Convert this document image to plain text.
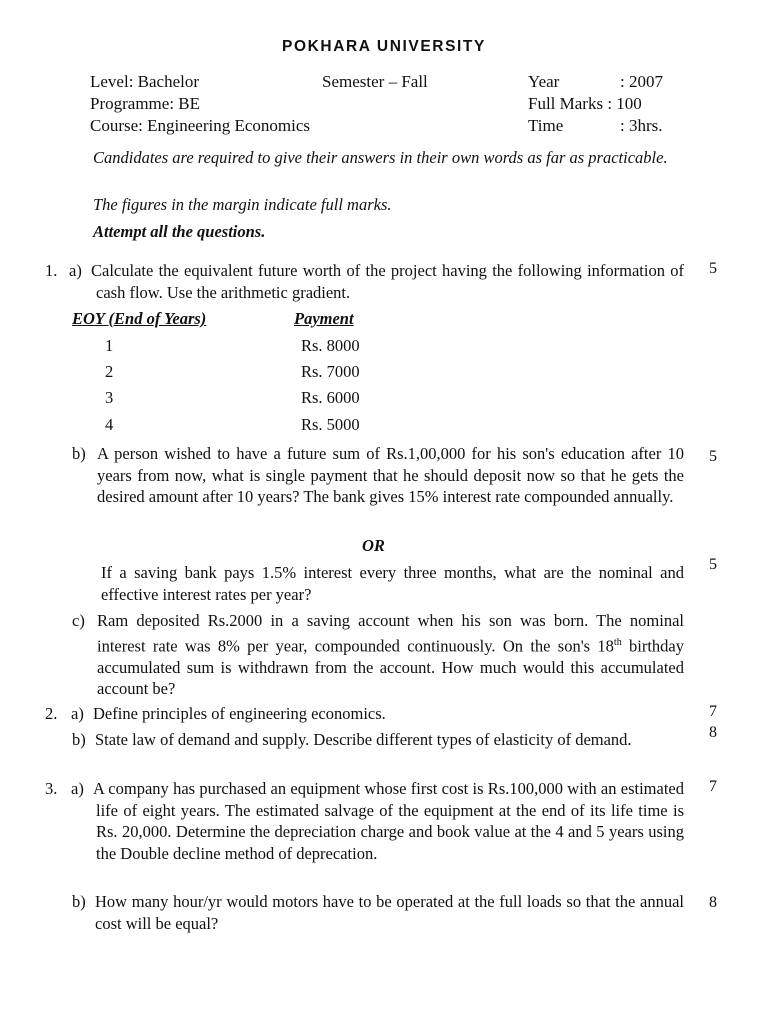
POKHARA UNIVERSITY
Level: Bachelor	Semester – Fall	Year	: 2007
Programme: BE	Full Marks : 100
Course: Engineering Economics	Time	: 3hrs.
Candidates are required to give their answers in their own words as far as practicable.
The figures in the margin indicate full marks.
Attempt all the questions.
1. a) Calculate the equivalent future worth of the project having the following information of cash flow. Use the arithmetic gradient.
5
EOY (End of Years)	Payment
1	Rs. 8000
2	Rs. 7000
3	Rs. 6000
4	Rs. 5000
b) A person wished to have a future sum of Rs.1,00,000 for his son's education after 10 years from now, what is single payment that he should deposit now so that he gets the desired amount after 10 years? The bank gives 15% interest rate compounded annually.
5
OR
If a saving bank pays 1.5% interest every three months, what are the nominal and effective interest rates per year?
5
c) Ram deposited Rs.2000 in a saving account when his son was born. The nominal interest rate was 8% per year, compounded continuously. On the son's 18th birthday accumulated sum is withdrawn from the account. How much would this accumulated account be?
2. a) Define principles of engineering economics.	7
b) State law of demand and supply. Describe different types of elasticity of demand.	8
3. a) A company has purchased an equipment whose first cost is Rs.100,000 with an estimated life of eight years. The estimated salvage of the equipment at the end of its life time is Rs. 20,000. Determine the depreciation charge and book value at the 4 and 5 years using the Double decline method of deprecation.
7
b) How many hour/yr would motors have to be operated at the full loads so that the annual cost will be equal?
8
